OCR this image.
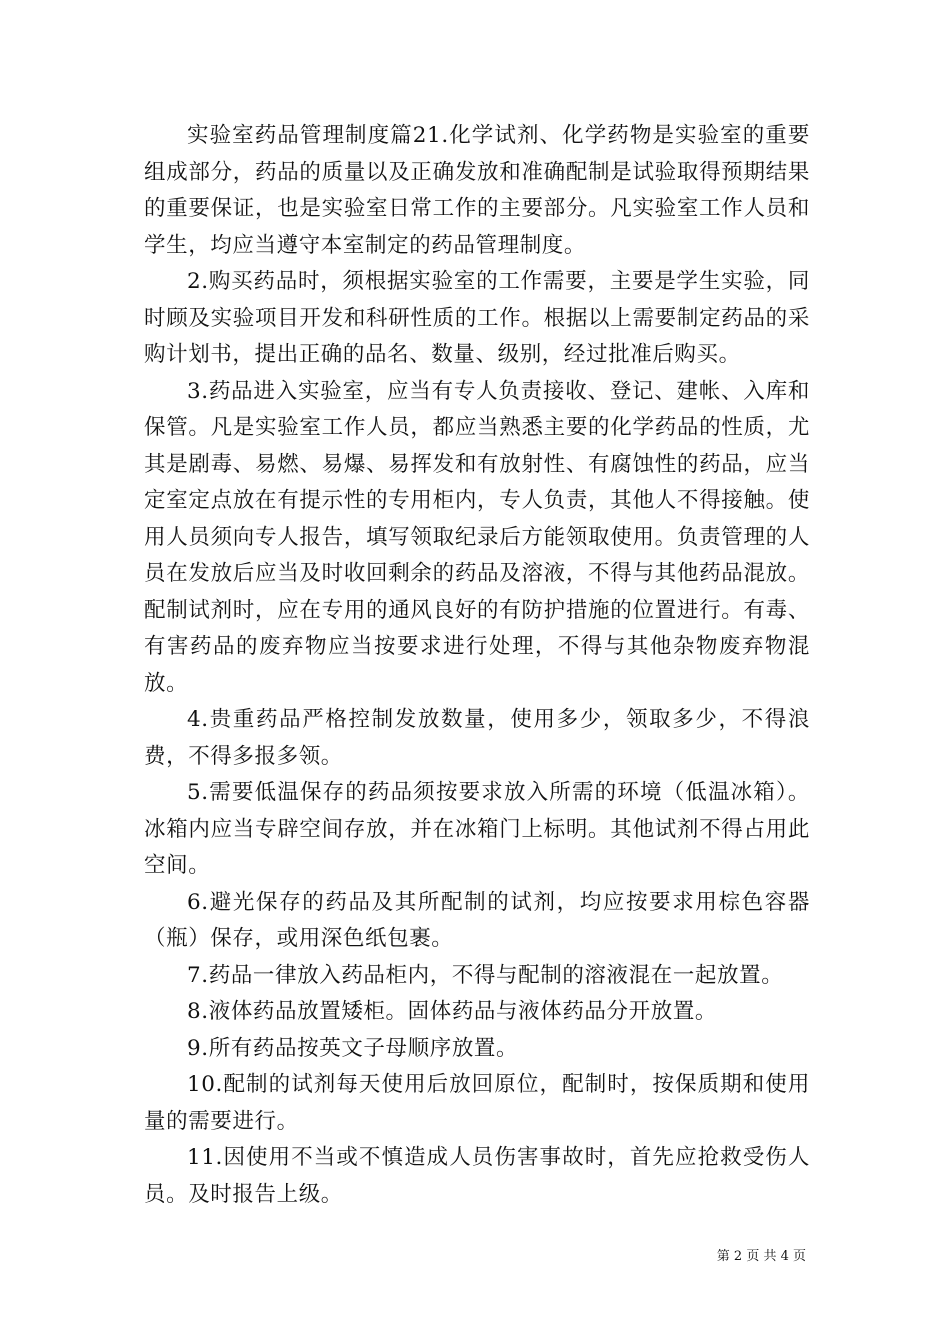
实验室药品管理制度篇21.化学试剂、化学药物是实验室的重要组成部分，药品的质量以及正确发放和准确配制是试验取得预期结果的重要保证，也是实验室日常工作的主要部分。凡实验室工作人员和学生，均应当遵守本室制定的药品管理制度。

2.购买药品时，须根据实验室的工作需要，主要是学生实验，同时顾及实验项目开发和科研性质的工作。根据以上需要制定药品的采购计划书，提出正确的品名、数量、级别，经过批准后购买。

3.药品进入实验室，应当有专人负责接收、登记、建帐、入库和保管。凡是实验室工作人员，都应当熟悉主要的化学药品的性质，尤其是剧毒、易燃、易爆、易挥发和有放射性、有腐蚀性的药品，应当定室定点放在有提示性的专用柜内，专人负责，其他人不得接触。使用人员须向专人报告，填写领取纪录后方能领取使用。负责管理的人员在发放后应当及时收回剩余的药品及溶液，不得与其他药品混放。配制试剂时，应在专用的通风良好的有防护措施的位置进行。有毒、有害药品的废弃物应当按要求进行处理，不得与其他杂物废弃物混放。

4.贵重药品严格控制发放数量，使用多少，领取多少，不得浪费，不得多报多领。

5.需要低温保存的药品须按要求放入所需的环境（低温冰箱）。冰箱内应当专辟空间存放，并在冰箱门上标明。其他试剂不得占用此空间。

6.避光保存的药品及其所配制的试剂，均应按要求用棕色容器（瓶）保存，或用深色纸包裹。

7.药品一律放入药品柜内，不得与配制的溶液混在一起放置。

8.液体药品放置矮柜。固体药品与液体药品分开放置。

9.所有药品按英文子母顺序放置。

10.配制的试剂每天使用后放回原位，配制时，按保质期和使用量的需要进行。

11.因使用不当或不慎造成人员伤害事故时，首先应抢救受伤人员。及时报告上级。

第 2 页 共 4 页
